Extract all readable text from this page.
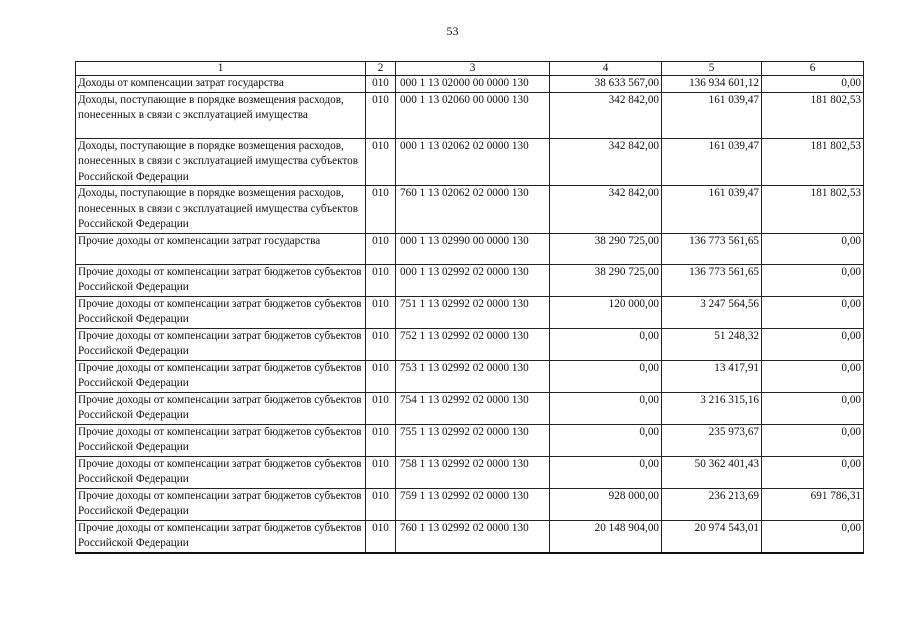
53
1	2	3	4	5	6
Доходы от компенсации затрат государства	010	000 1 13 02000 00 0000 130	38 633 567,00	136 934 601,12	0,00
Доходы, поступающие в порядке возмещения расходов, понесенных в связи с эксплуатацией имущества	010	000 1 13 02060 00 0000 130	342 842,00	161 039,47	181 802,53
Доходы, поступающие в порядке возмещения расходов, понесенных в связи с эксплуатацией имущества субъектов Российской Федерации	010	000 1 13 02062 02 0000 130	342 842,00	161 039,47	181 802,53
Доходы, поступающие в порядке возмещения расходов, понесенных в связи с эксплуатацией имущества субъектов Российской Федерации	010	760 1 13 02062 02 0000 130	342 842,00	161 039,47	181 802,53
Прочие доходы от компенсации затрат государства	010	000 1 13 02990 00 0000 130	38 290 725,00	136 773 561,65	0,00
Прочие доходы от компенсации затрат бюджетов субъектов Российской Федерации	010	000 1 13 02992 02 0000 130	38 290 725,00	136 773 561,65	0,00
Прочие доходы от компенсации затрат бюджетов субъектов Российской Федерации	010	751 1 13 02992 02 0000 130	120 000,00	3 247 564,56	0,00
Прочие доходы от компенсации затрат бюджетов субъектов Российской Федерации	010	752 1 13 02992 02 0000 130	0,00	51 248,32	0,00
Прочие доходы от компенсации затрат бюджетов субъектов Российской Федерации	010	753 1 13 02992 02 0000 130	0,00	13 417,91	0,00
Прочие доходы от компенсации затрат бюджетов субъектов Российской Федерации	010	754 1 13 02992 02 0000 130	0,00	3 216 315,16	0,00
Прочие доходы от компенсации затрат бюджетов субъектов Российской Федерации	010	755 1 13 02992 02 0000 130	0,00	235 973,67	0,00
Прочие доходы от компенсации затрат бюджетов субъектов Российской Федерации	010	758 1 13 02992 02 0000 130	0,00	50 362 401,43	0,00
Прочие доходы от компенсации затрат бюджетов субъектов Российской Федерации	010	759 1 13 02992 02 0000 130	928 000,00	236 213,69	691 786,31
Прочие доходы от компенсации затрат бюджетов субъектов Российской Федерации	010	760 1 13 02992 02 0000 130	20 148 904,00	20 974 543,01	0,00
